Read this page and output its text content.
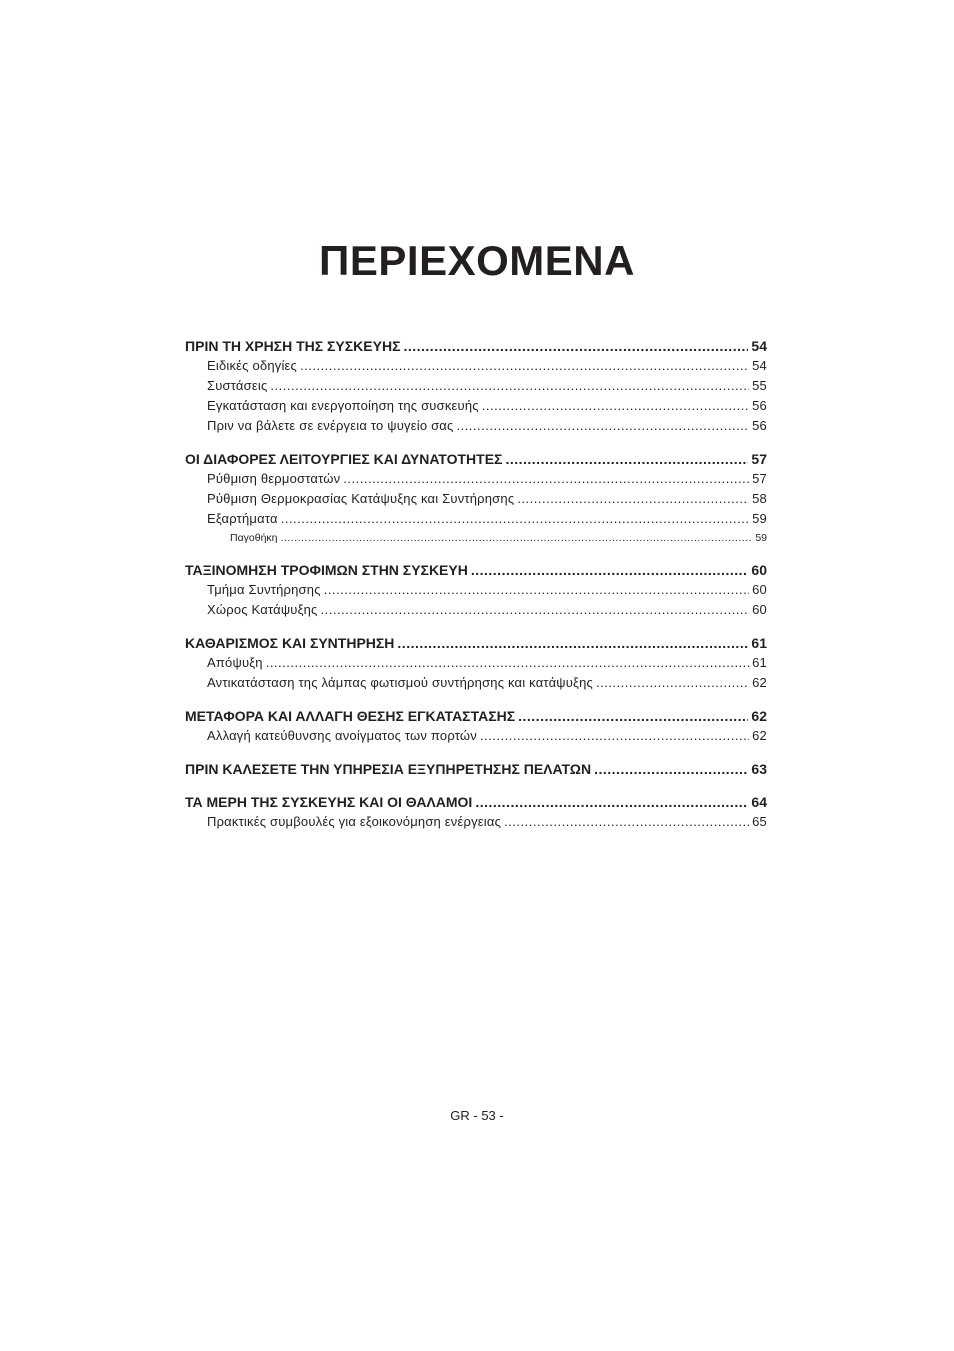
ΠΕΡΙΕΧΟΜΕΝΑ
ΠΡΙΝ ΤΗ ΧΡΗΣΗ ΤΗΣ ΣΥΣΚΕΥΗΣ .....	54
Ειδικές οδηγίες .....	54
Συστάσεις .....	55
Εγκατάσταση και ενεργοποίηση της συσκευής .....	56
Πριν να βάλετε σε ενέργεια το ψυγείο σας .....	56
ΟΙ ΔΙΑΦΟΡΕΣ ΛΕΙΤΟΥΡΓΙΕΣ ΚΑΙ ΔΥΝΑΤΟΤΗΤΕΣ .....	57
Ρύθμιση θερμοστατών .....	57
Ρύθμιση Θερμοκρασίας Κατάψυξης και Συντήρησης .....	58
Εξαρτήματα .....	59
Παγοθήκη .....	59
ΤΑΞΙΝΟΜΗΣΗ ΤΡΟΦΙΜΩΝ ΣΤΗΝ ΣΥΣΚΕΥΗ .....	60
Τμήμα Συντήρησης .....	60
Χώρος Κατάψυξης .....	60
ΚΑΘΑΡΙΣΜΟΣ ΚΑΙ ΣΥΝΤΗΡΗΣΗ .....	61
Απόψυξη .....	61
Αντικατάσταση της λάμπας φωτισμού συντήρησης και κατάψυξης .....	62
ΜΕΤΑΦΟΡΑ ΚΑΙ ΑΛΛΑΓΗ ΘΕΣΗΣ ΕΓΚΑΤΑΣΤΑΣΗΣ .....	62
Αλλαγή κατεύθυνσης ανοίγματος των πορτών .....	62
ΠΡΙΝ ΚΑΛΕΣΕΤΕ ΤΗΝ ΥΠΗΡΕΣΙΑ ΕΞΥΠΗΡΕΤΗΣΗΣ ΠΕΛΑΤΩΝ .....	63
ΤΑ ΜΕΡΗ ΤΗΣ ΣΥΣΚΕΥΗΣ ΚΑΙ ΟΙ ΘΑΛΑΜΟΙ .....	64
Πρακτικές συμβουλές για εξοικονόμηση ενέργειας .....	65
GR - 53 -
